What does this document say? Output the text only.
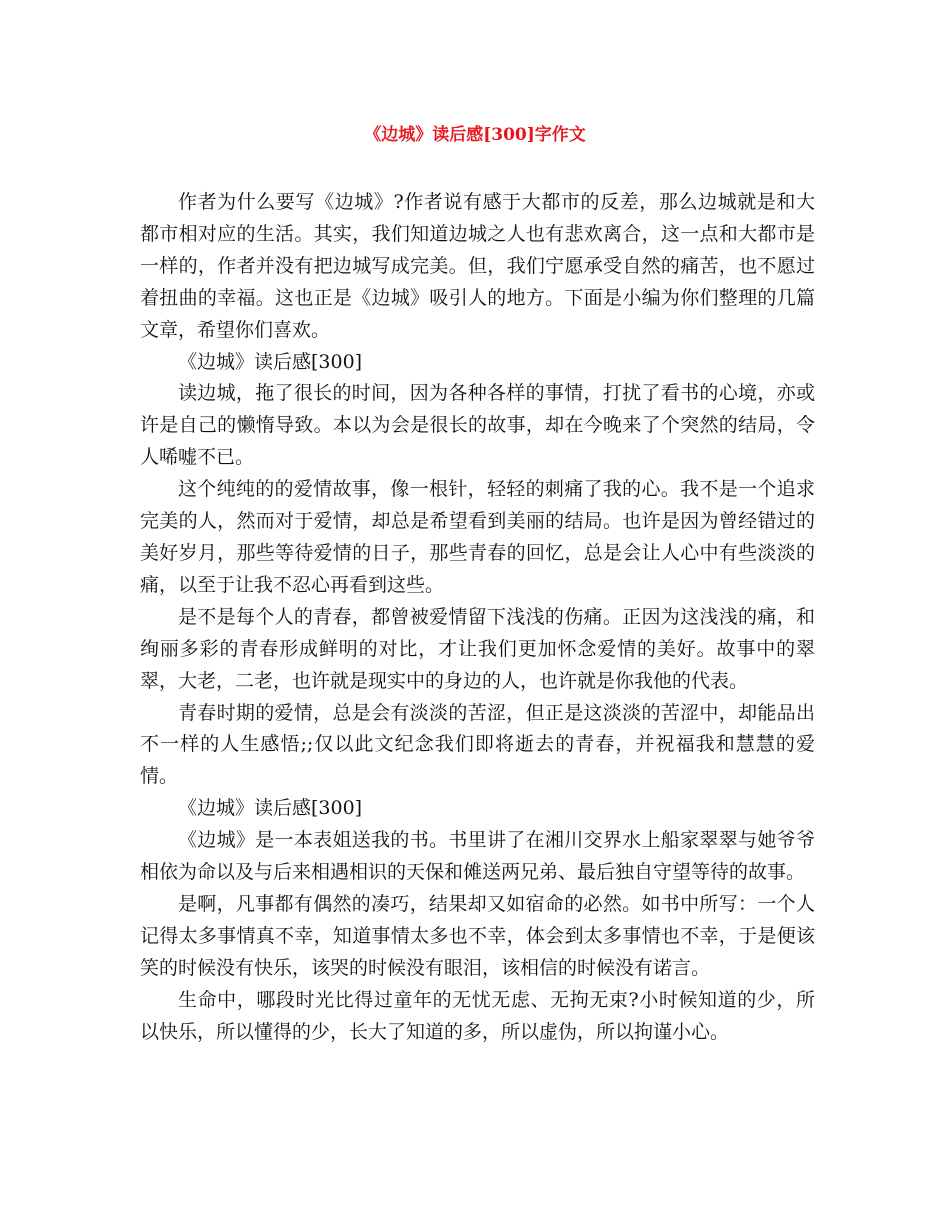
《边城》读后感[300]字作文

作者为什么要写《边城》?作者说有感于大都市的反差，那么边城就是和大都市相对应的生活。其实，我们知道边城之人也有悲欢离合，这一点和大都市是一样的，作者并没有把边城写成完美。但，我们宁愿承受自然的痛苦，也不愿过着扭曲的幸福。这也正是《边城》吸引人的地方。下面是小编为你们整理的几篇文章，希望你们喜欢。

《边城》读后感[300]

读边城，拖了很长的时间，因为各种各样的事情，打扰了看书的心境，亦或许是自己的懒惰导致。本以为会是很长的故事，却在今晚来了个突然的结局，令人唏嘘不已。

这个纯纯的的爱情故事，像一根针，轻轻的刺痛了我的心。我不是一个追求完美的人，然而对于爱情，却总是希望看到美丽的结局。也许是因为曾经错过的美好岁月，那些等待爱情的日子，那些青春的回忆，总是会让人心中有些淡淡的痛，以至于让我不忍心再看到这些。

是不是每个人的青春，都曾被爱情留下浅浅的伤痛。正因为这浅浅的痛，和绚丽多彩的青春形成鲜明的对比，才让我们更加怀念爱情的美好。故事中的翠翠，大老，二老，也许就是现实中的身边的人，也许就是你我他的代表。

青春时期的爱情，总是会有淡淡的苦涩，但正是这淡淡的苦涩中，却能品出不一样的人生感悟;;仅以此文纪念我们即将逝去的青春，并祝福我和慧慧的爱情。

《边城》读后感[300]

《边城》是一本表姐送我的书。书里讲了在湘川交界水上船家翠翠与她爷爷相依为命以及与后来相遇相识的天保和傩送两兄弟、最后独自守望等待的故事。

是啊，凡事都有偶然的凑巧，结果却又如宿命的必然。如书中所写：一个人记得太多事情真不幸，知道事情太多也不幸，体会到太多事情也不幸，于是便该笑的时候没有快乐，该哭的时候没有眼泪，该相信的时候没有诺言。

生命中，哪段时光比得过童年的无忧无虑、无拘无束?小时候知道的少，所以快乐，所以懂得的少，长大了知道的多，所以虚伪，所以拘谨小心。
